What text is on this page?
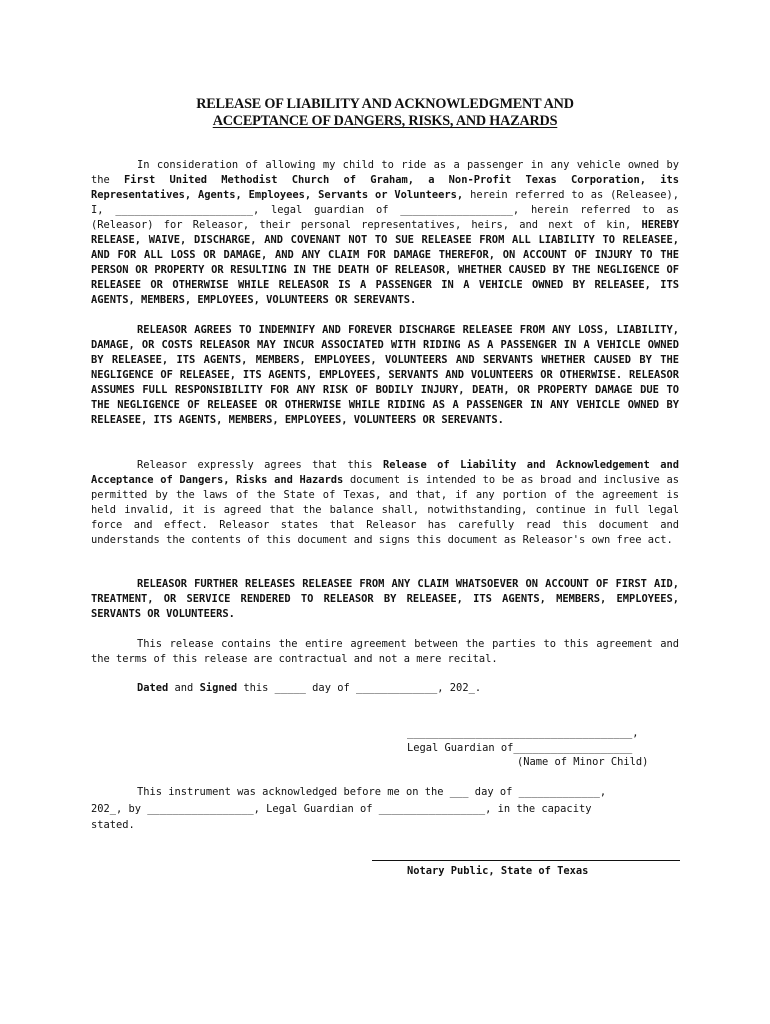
RELEASE OF LIABILITY AND ACKNOWLEDGMENT AND
ACCEPTANCE OF DANGERS, RISKS, AND HAZARDS

In consideration of allowing my child to ride as a passenger in any vehicle owned by the First United Methodist Church of Graham, a Non-Profit Texas Corporation, its Representatives, Agents, Employees, Servants or Volunteers, herein referred to as (Releasee), I, ______________________, legal guardian of __________________, herein referred to as (Releasor) for Releasor, their personal representatives, heirs, and next of kin, HEREBY RELEASE, WAIVE, DISCHARGE, AND COVENANT NOT TO SUE RELEASEE FROM ALL LIABILITY TO RELEASEE, AND FOR ALL LOSS OR DAMAGE, AND ANY CLAIM FOR DAMAGE THEREFOR, ON ACCOUNT OF INJURY TO THE PERSON OR PROPERTY OR RESULTING IN THE DEATH OF RELEASOR, WHETHER CAUSED BY THE NEGLIGENCE OF RELEASEE OR OTHERWISE WHILE RELEASOR IS A PASSENGER IN A VEHICLE OWNED BY RELEASEE, ITS AGENTS, MEMBERS, EMPLOYEES, VOLUNTEERS OR SEREVANTS.

RELEASOR AGREES TO INDEMNIFY AND FOREVER DISCHARGE RELEASEE FROM ANY LOSS, LIABILITY, DAMAGE, OR COSTS RELEASOR MAY INCUR ASSOCIATED WITH RIDING AS A PASSENGER IN A VEHICLE OWNED BY RELEASEE, ITS AGENTS, MEMBERS, EMPLOYEES, VOLUNTEERS AND SERVANTS WHETHER CAUSED BY THE NEGLIGENCE OF RELEASEE, ITS AGENTS, EMPLOYEES, SERVANTS AND VOLUNTEERS OR OTHERWISE. RELEASOR ASSUMES FULL RESPONSIBILITY FOR ANY RISK OF BODILY INJURY, DEATH, OR PROPERTY DAMAGE DUE TO THE NEGLIGENCE OF RELEASEE OR OTHERWISE WHILE RIDING AS A PASSENGER IN ANY VEHICLE OWNED BY RELEASEE, ITS AGENTS, MEMBERS, EMPLOYEES, VOLUNTEERS OR SEREVANTS.

Releasor expressly agrees that this Release of Liability and Acknowledgement and Acceptance of Dangers, Risks and Hazards document is intended to be as broad and inclusive as permitted by the laws of the State of Texas, and that, if any portion of the agreement is held invalid, it is agreed that the balance shall, notwithstanding, continue in full legal force and effect. Releasor states that Releasor has carefully read this document and understands the contents of this document and signs this document as Releasor's own free act.

RELEASOR FURTHER RELEASES RELEASEE FROM ANY CLAIM WHATSOEVER ON ACCOUNT OF FIRST AID, TREATMENT, OR SERVICE RENDERED TO RELEASOR BY RELEASEE, ITS AGENTS, MEMBERS, EMPLOYEES, SERVANTS OR VOLUNTEERS.

This release contains the entire agreement between the parties to this agreement and the terms of this release are contractual and not a mere recital.

Dated and Signed this _____ day of _____________, 202_.
____________________________________,
Legal Guardian of___________________
(Name of Minor Child)
This instrument was acknowledged before me on the ___ day of _____________,
202_, by _________________, Legal Guardian of _________________, in the capacity
stated.
Notary Public, State of Texas
